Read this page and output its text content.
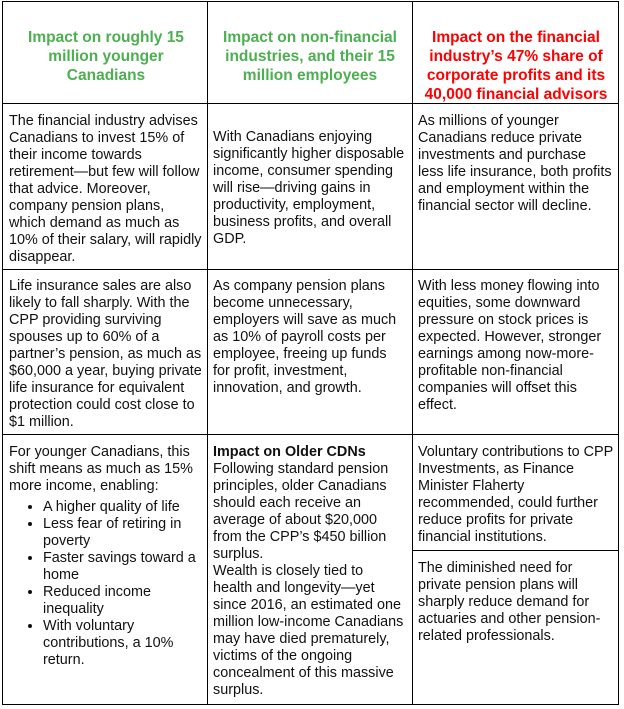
Impact on roughly 15 million younger Canadians
Impact on non-financial industries, and their 15 million employees
Impact on the financial industry’s 47% share of corporate profits and its 40,000 financial advisors
The financial industry advises Canadians to invest 15% of their income towards retirement—but few will follow that advice. Moreover, company pension plans, which demand as much as 10% of their salary, will rapidly disappear.
With Canadians enjoying significantly higher disposable income, consumer spending will rise—driving gains in productivity, employment, business profits, and overall GDP.
As millions of younger Canadians reduce private investments and purchase less life insurance, both profits and employment within the financial sector will decline.
Life insurance sales are also likely to fall sharply. With the CPP providing surviving spouses up to 60% of a partner’s pension, as much as $60,000 a year, buying private life insurance for equivalent protection could cost close to $1 million.
As company pension plans become unnecessary, employers will save as much as 10% of payroll costs per employee, freeing up funds for profit, investment, innovation, and growth.
With less money flowing into equities, some downward pressure on stock prices is expected. However, stronger earnings among now-more-profitable non-financial companies will offset this effect.
For younger Canadians, this shift means as much as 15% more income, enabling:
• A higher quality of life
• Less fear of retiring in poverty
• Faster savings toward a home
• Reduced income inequality
• With voluntary contributions, a 10% return.
Impact on Older CDNs
Following standard pension principles, older Canadians should each receive an average of about $20,000 from the CPP’s $450 billion surplus.
Wealth is closely tied to health and longevity—yet since 2016, an estimated one million low-income Canadians may have died prematurely, victims of the ongoing concealment of this massive surplus.
Voluntary contributions to CPP Investments, as Finance Minister Flaherty recommended, could further reduce profits for private financial institutions.
The diminished need for private pension plans will sharply reduce demand for actuaries and other pension-related professionals.
